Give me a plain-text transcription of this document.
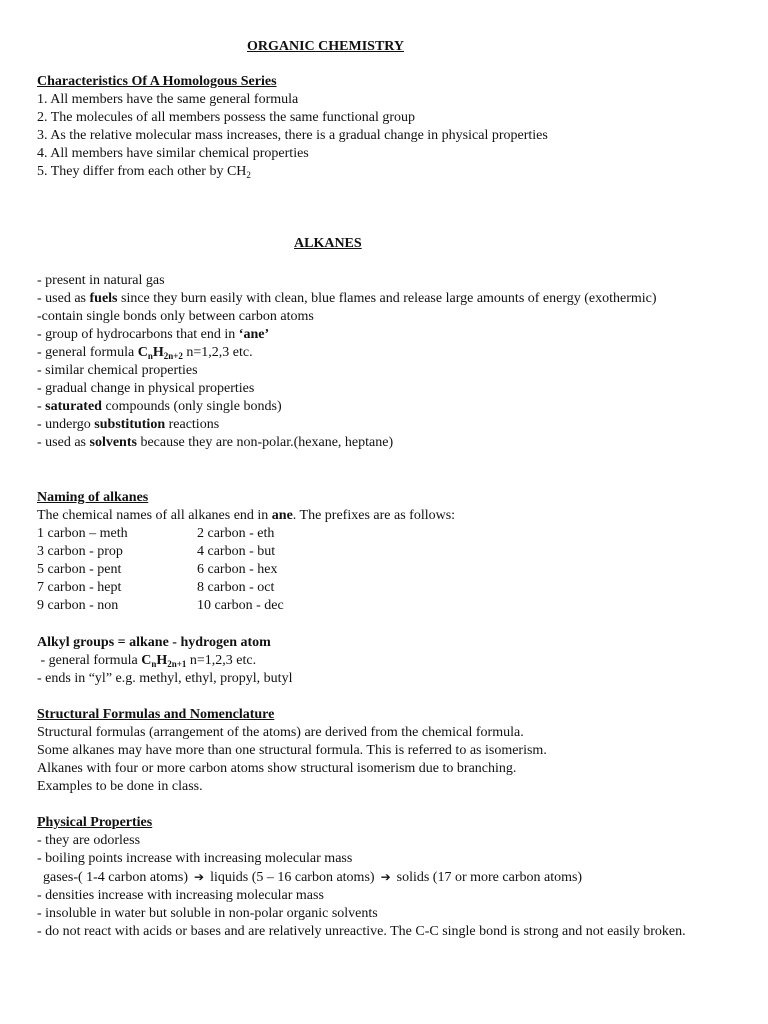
ORGANIC CHEMISTRY
Characteristics Of A Homologous Series
1. All members have the same general formula
2. The molecules of all members possess the same functional group
3. As the relative molecular mass increases, there is a gradual change in physical properties
4. All members have similar chemical properties
5. They differ from each other by $CH_2$
ALKANES
- present in natural gas
- used as fuels since they burn easily with clean, blue flames and release large amounts of energy (exothermic)
-contain single bonds only between carbon atoms
- group of hydrocarbons that end in ‘ane’
- general formula $C_nH_{2n+2}$ n=1,2,3 etc.
- similar chemical properties
- gradual change in physical properties
- saturated compounds (only single bonds)
- undergo substitution reactions
- used as solvents because they are non-polar.(hexane, heptane)
Naming of alkanes
The chemical names of all alkanes end in ane. The prefixes are as follows:
1 carbon – meth	2 carbon - eth
3 carbon - prop	4 carbon - but
5 carbon - pent	6 carbon - hex
7 carbon - hept	8 carbon - oct
9 carbon - non	10 carbon - dec
Alkyl groups = alkane - hydrogen atom
- general formula $C_nH_{2n+1}$ n=1,2,3 etc.
- ends in “yl” e.g. methyl, ethyl, propyl, butyl
Structural Formulas and Nomenclature
Structural formulas (arrangement of the atoms) are derived from the chemical formula.
Some alkanes may have more than one structural formula. This is referred to as isomerism.
Alkanes with four or more carbon atoms show structural isomerism due to branching.
Examples to be done in class.
Physical Properties
- they are odorless
- boiling points increase with increasing molecular mass
gases-( 1-4 carbon atoms) ➔ liquids (5 – 16 carbon atoms) ➔ solids (17 or more carbon atoms)
- densities increase with increasing molecular mass
- insoluble in water but soluble in non-polar organic solvents
- do not react with acids or bases and are relatively unreactive. The C-C single bond is strong and not easily broken.
